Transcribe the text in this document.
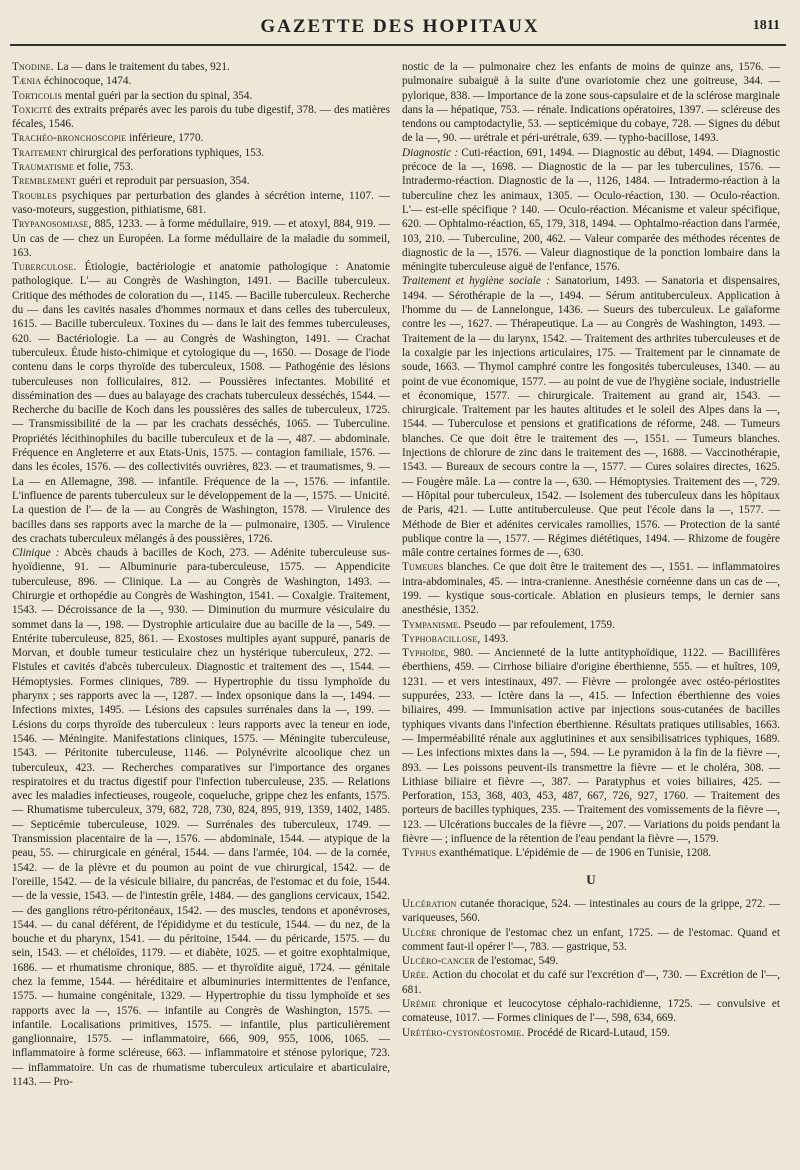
GAZETTE DES HOPITAUX	1811
Tnodine. La — dans le traitement du tabes, 921.
Tænia échinocoque, 1474.
Torticolis mental guéri par la section du spinal, 354.
Toxicité des extraits préparés avec les parois du tube digestif, 378. — des matières fécales, 1546.
Trachéo-bronchoscopie inférieure, 1770.
Traitement chirurgical des perforations typhiques, 153.
Traumatisme et folie, 753.
Tremblement guéri et reproduit par persuasion, 354.
Troubles psychiques par perturbation des glandes à sécrétion interne, 1107. — vaso-moteurs, suggestion, pithiatisme, 681.
Trypanosomiase, 885, 1233. — à forme médullaire, 919. — et atoxyl, 884, 919. — Un cas de — chez un Européen. La forme médullaire de la maladie du sommeil, 163.
Tuberculose. Étiologie, bactériologie et anatomie pathologique : Anatomie pathologique. L'— au Congrès de Washington, 1491. — Bacille tuberculeux. Critique des méthodes de coloration du —, 1145. — Bacille tuberculeux. Recherche du — dans les cavités nasales d'hommes normaux et dans celles des tuberculeux, 1615. — Bacille tuberculeux. Toxines du — dans le lait des femmes tuberculeuses, 620. — Bactériologie. La — au Congrès de Washington, 1491. — Crachat tuberculeux. Étude histo-chimique et cytologique du —, 1650. — Dosage de l'iode contenu dans le corps thyroïde des tuberculeux, 1508. — Pathogénie des lésions tuberculeuses non folliculaires, 812. — Poussières infectantes. Mobilité et dissémination des — dues au balayage des crachats tuberculeux desséchés, 1544. — Recherche du bacille de Koch dans les poussières des salles de tuberculeux, 1725. — Transmissibilité de la — par les crachats desséchés, 1065. — Tuberculine. Propriétés lécithinophiles du bacille tuberculeux et de la —, 487. — abdominale. Fréquence en Angleterre et aux Etats-Unis, 1575. — contagion familiale, 1576. — dans les écoles, 1576. — des collectivités ouvrières, 823. — et traumatismes, 9. — La — en Allemagne, 398. — infantile. Fréquence de la —, 1576. — infantile. L'influence de parents tuberculeux sur le développement de la —, 1575. — Unicité. La question de l'— de la — au Congrès de Washington, 1578. — Virulence des bacilles dans ses rapports avec la marche de la — pulmonaire, 1305. — Virulence des crachats tuberculeux mélangés à des poussières, 1726.
Clinique : Abcès chauds à bacilles de Koch, 273. — Adénite tuberculeuse sus-hyoïdienne, 91. — Albuminurie para-tuberculeuse, 1575. — Appendicite tuberculeuse, 896. — Clinique. La — au Congrès de Washington, 1493. — Chirurgie et orthopédie au Congrès de Washington, 1541. — Coxalgie. Traitement, 1543. — Décroissance de la —, 930. — Diminution du murmure vésiculaire du sommet dans la —, 198. — Dystrophie articulaire due au bacille de la —, 549. — Entérite tuberculeuse, 825, 861. — Exostoses multiples ayant suppuré, panaris de Morvan, et double tumeur testiculaire chez un hystérique tuberculeux, 272. — Fistules et cavités d'abcès tuberculeux. Diagnostic et traitement des —, 1544. — Hémoptysies. Formes cliniques, 789. — Hypertrophie du tissu lymphoïde du pharynx ; ses rapports avec la —, 1287. — Index opsonique dans la —, 1494. — Infections mixtes, 1495. — Lésions des capsules surrénales dans la —, 199. — Lésions du corps thyroïde des tuberculeux : leurs rapports avec la teneur en iode, 1546. — Méningite. Manifestations cliniques, 1575. — Méningite tuberculeuse, 1543. — Péritonite tuberculeuse, 1146. — Polynévrite alcoolique chez un tuberculeux, 423. — Recherches comparatives sur l'importance des organes respiratoires et du tractus digestif pour l'infection tuberculeuse, 235. — Relations avec les maladies infectieuses, rougeole, coqueluche, grippe chez les enfants, 1575. — Rhumatisme tuberculeux, 379, 682, 728, 730, 824, 895, 919, 1359, 1402, 1485. — Septicémie tuberculeuse, 1029. — Surrénales des tuberculeux, 1749. — Transmission placentaire de la —, 1576. — abdominale, 1544. — atypique de la peau, 55. — chirurgicale en général, 1544. — dans l'armée, 104. — de la cornée, 1542. — de la plèvre et du poumon au point de vue chirurgical, 1542. — de l'oreille, 1542. — de la vésicule biliaire, du pancréas, de l'estomac et du foie, 1544. — de la vessie, 1543. — de l'intestin grêle, 1484. — des ganglions cervicaux, 1542. — des ganglions rétro-péritonéaux, 1542. — des muscles, tendons et aponévroses, 1544. — du canal déférent, de l'épididyme et du testicule, 1544. — du nez, de la bouche et du pharynx, 1541. — du péritoine, 1544. — du péricarde, 1575. — du sein, 1543. — et chéloïdes, 1179. — et diabète, 1025. — et goitre exophtalmique, 1686. — et rhumatisme chronique, 885. — et thyroïdite aiguë, 1724. — génitale chez la femme, 1544. — héréditaire et albuminuries intermittentes de l'enfance, 1575. — humaine congénitale, 1329. — Hypertrophie du tissu lymphoïde et ses rapports avec la —, 1576. — infantile au Congrès de Washington, 1575. — infantile. Localisations primitives, 1575. — infantile, plus particulièrement ganglionnaire, 1575. — inflammatoire, 666, 909, 955, 1006, 1065. — inflammatoire à forme scléreuse, 663. — inflammatoire et sténose pylorique, 723. — inflammatoire. Un cas de rhumatisme tuberculeux articulaire et abarticulaire, 1143. — Pro-
nostic de la — pulmonaire chez les enfants de moins de quinze ans, 1576. — pulmonaire subaiguë à la suite d'une ovariotomie chez une goitreuse, 344. — pylorique, 838. — Importance de la zone sous-capsulaire et de la sclérose marginale dans la — hépatique, 753. — rénale. Indications opératoires, 1397. — scléreuse des tendons ou camptodactylie, 53. — septicémique du cobaye, 728. — Signes du début de la —, 90. — urétrale et péri-urétrale, 639. — typho-bacillose, 1493.
Diagnostic : Cuti-réaction, 691, 1494. — Diagnostic au début, 1494. — Diagnostic précoce de la —, 1698. — Diagnostic de la — par les tuberculines, 1576. — Intradermo-réaction. Diagnostic de la —, 1126, 1484. — Intradermo-réaction à la tuberculine chez les animaux, 1305. — Oculo-réaction, 130. — Oculo-réaction. L'— est-elle spécifique ? 140. — Oculo-réaction. Mécanisme et valeur spécifique, 620. — Ophtalmo-réaction, 65, 179, 318, 1494. — Ophtalmo-réaction dans l'armée, 103, 210. — Tuberculine, 200, 462. — Valeur comparée des méthodes récentes de diagnostic de la —, 1576. — Valeur diagnostique de la ponction lombaire dans la méningite tuberculeuse aiguë de l'enfance, 1576.
Traitement et hygiène sociale : Sanatorium, 1493. — Sanatoria et dispensaires, 1494. — Sérothérapie de la —, 1494. — Sérum antituberculeux. Application à l'homme du — de Lannelongue, 1436. — Sueurs des tuberculeux. Le gaïaforme contre les —, 1627. — Thérapeutique. La — au Congrès de Washington, 1493. — Traitement de la — du larynx, 1542. — Traitement des arthrites tuberculeuses et de la coxalgie par les injections articulaires, 175. — Traitement par le cinnamate de soude, 1663. — Thymol camphré contre les fongosités tuberculeuses, 1340. — au point de vue économique, 1577. — au point de vue de l'hygiène sociale, industrielle et économique, 1577. — chirurgicale. Traitement au grand air, 1543. — chirurgicale. Traitement par les hautes altitudes et le soleil des Alpes dans la —, 1544. — Tuberculose et pensions et gratifications de réforme, 248. — Tumeurs blanches. Ce que doit être le traitement des —, 1551. — Tumeurs blanches. Injections de chlorure de zinc dans le traitement des —, 1688. — Vaccinothérapie, 1543. — Bureaux de secours contre la —, 1577. — Cures solaires directes, 1625. — Fougère mâle. La — contre la —, 630. — Hémoptysies. Traitement des —, 729. — Hôpital pour tuberculeux, 1542. — Isolement des tuberculeux dans les hôpitaux de Paris, 421. — Lutte antituberculeuse. Que peut l'école dans la —, 1577. — Méthode de Bier et adénites cervicales ramollies, 1576. — Protection de la santé publique contre la —, 1577. — Régimes diététiques, 1494. — Rhizome de fougère mâle contre certaines formes de —, 630.
Tumeurs blanches. Ce que doit être le traitement des —, 1551. — inflammatoires intra-abdominales, 45. — intra-cranienne. Anesthésie cornéenne dans un cas de —, 199. — kystique sous-corticale. Ablation en plusieurs temps, le dernier sans anesthésie, 1352.
Tympanisme. Pseudo — par refoulement, 1759.
Typhobacillose, 1493.
Typhoïde, 980. — Ancienneté de la lutte antityphoïdique, 1122. — Bacillifères éberthiens, 459. — Cirrhose biliaire d'origine éberthienne, 555. — et huîtres, 109, 1231. — et vers intestinaux, 497. — Fièvre — prolongée avec ostéo-périostites suppurées, 233. — Ictère dans la —, 415. — Infection éberthienne des voies biliaires, 499. — Immunisation active par injections sous-cutanées de bacilles typhiques vivants dans l'infection éberthienne. Résultats pratiques utilisables, 1663. — Imperméabilité rénale aux agglutinines et aux sensibilisatrices typhiques, 1689. — Les infections mixtes dans la —, 594. — Le pyramidon à la fin de la fièvre —, 893. — Les poissons peuvent-ils transmettre la fièvre — et le choléra, 308. — Lithiase biliaire et fièvre —, 387. — Paratyphus et voies biliaires, 425. — Perforation, 153, 368, 403, 453, 487, 667, 726, 927, 1760. — Traitement des porteurs de bacilles typhiques, 235. — Traitement des vomissements de la fièvre —, 123. — Ulcérations buccales de la fièvre —, 207. — Variations du poids pendant la fièvre — ; influence de la rétention de l'eau pendant la fièvre —, 1579.
Typhus exanthématique. L'épidémie de — de 1906 en Tunisie, 1208.
U
Ulcération cutanée thoracique, 524. — intestinales au cours de la grippe, 272. — variqueuses, 560.
Ulcère chronique de l'estomac chez un enfant, 1725. — de l'estomac. Quand et comment faut-il opérer l'—, 783. — gastrique, 53.
Ulcéro-cancer de l'estomac, 549.
Urée. Action du chocolat et du café sur l'excrétion d'—, 730. — Excrétion de l'—, 681.
Urémie chronique et leucocytose céphalo-rachidienne, 1725. — convulsive et comateuse, 1017. — Formes cliniques de l'—, 598, 634, 669.
Urétéro-cystonéostomie. Procédé de Ricard-Lutaud, 159.
